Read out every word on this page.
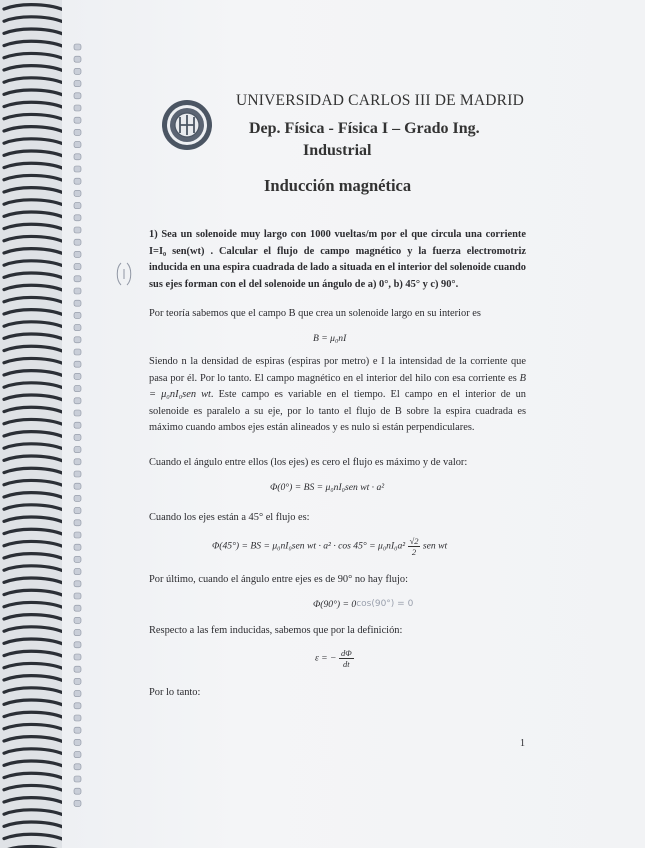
UNIVERSIDAD CARLOS III DE MADRID
Dep. Física - Física I – Grado Ing.
Industrial
Inducción magnética
1) Sea un solenoide muy largo con 1000 vueltas/m por el que circula una corriente I=I₀ sen(wt) . Calcular el flujo de campo magnético y la fuerza electromotriz inducida en una espira cuadrada de lado a situada en el interior del solenoide cuando sus ejes forman con el del solenoide un ángulo de a) 0°, b) 45° y c) 90°.
Por teoría sabemos que el campo B que crea un solenoide largo en su interior es
B = μ₀nI
Siendo n la densidad de espiras (espiras por metro) e I la intensidad de la corriente que pasa por él. Por lo tanto. El campo magnético en el interior del hilo con esa corriente es B = μ₀nI₀sen wt. Este campo es variable en el tiempo. El campo en el interior de un solenoide es paralelo a su eje, por lo tanto el flujo de B sobre la espira cuadrada es máximo cuando ambos ejes están alineados y es nulo si están perpendiculares.
Cuando el ángulo entre ellos (los ejes) es cero el flujo es máximo y de valor:
Φ(0°) = BS = μ₀nI₀sen wt · a²
Cuando los ejes están a 45° el flujo es:
Φ(45°) = BS = μ₀nI₀sen wt · $a^2 \cdot \cos 45^\circ = \mu_0nI_0a^2 \frac{√2}{2}$ sen wt
Por último, cuando el ángulo entre ejes es de 90° no hay flujo:
Φ(90°) = 0 cos(90°) = 0
Respecto a las fem inducidas, sabemos que por la definición:
ε = − $\frac{d\Phi}{dt}$
Por lo tanto:
1
